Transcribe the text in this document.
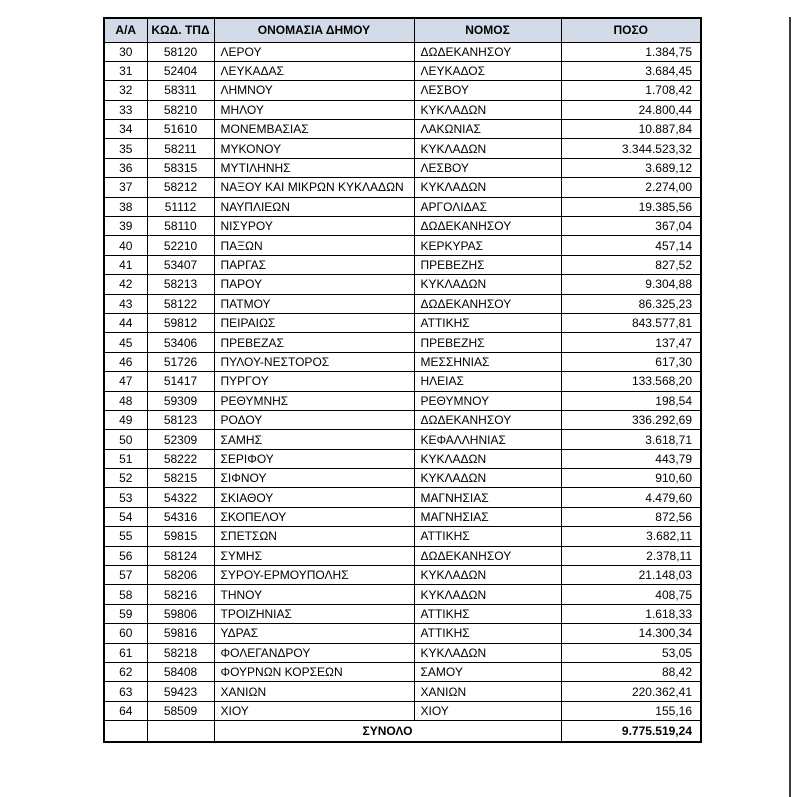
Α/Α	ΚΩΔ. ΤΠΔ	ΟΝΟΜΑΣΙΑ ΔΗΜΟΥ	ΝΟΜΟΣ	ΠΟΣΟ
30	58120	ΛΕΡΟΥ	ΔΩΔΕΚΑΝΗΣΟΥ	1.384,75
31	52404	ΛΕΥΚΑΔΑΣ	ΛΕΥΚΑΔΟΣ	3.684,45
32	58311	ΛΗΜΝΟΥ	ΛΕΣΒΟΥ	1.708,42
33	58210	ΜΗΛΟΥ	ΚΥΚΛΑΔΩΝ	24.800,44
34	51610	ΜΟΝΕΜΒΑΣΙΑΣ	ΛΑΚΩΝΙΑΣ	10.887,84
35	58211	ΜΥΚΟΝΟΥ	ΚΥΚΛΑΔΩΝ	3.344.523,32
36	58315	ΜΥΤΙΛΗΝΗΣ	ΛΕΣΒΟΥ	3.689,12
37	58212	ΝΑΞΟΥ ΚΑΙ ΜΙΚΡΩΝ ΚΥΚΛΑΔΩΝ	ΚΥΚΛΑΔΩΝ	2.274,00
38	51112	ΝΑΥΠΛΙΕΩΝ	ΑΡΓΟΛΙΔΑΣ	19.385,56
39	58110	ΝΙΣΥΡΟΥ	ΔΩΔΕΚΑΝΗΣΟΥ	367,04
40	52210	ΠΑΞΩΝ	ΚΕΡΚΥΡΑΣ	457,14
41	53407	ΠΑΡΓΑΣ	ΠΡΕΒΕΖΗΣ	827,52
42	58213	ΠΑΡΟΥ	ΚΥΚΛΑΔΩΝ	9.304,88
43	58122	ΠΑΤΜΟΥ	ΔΩΔΕΚΑΝΗΣΟΥ	86.325,23
44	59812	ΠΕΙΡΑΙΩΣ	ΑΤΤΙΚΗΣ	843.577,81
45	53406	ΠΡΕΒΕΖΑΣ	ΠΡΕΒΕΖΗΣ	137,47
46	51726	ΠΥΛΟΥ-ΝΕΣΤΟΡΟΣ	ΜΕΣΣΗΝΙΑΣ	617,30
47	51417	ΠΥΡΓΟΥ	ΗΛΕΙΑΣ	133.568,20
48	59309	ΡΕΘΥΜΝΗΣ	ΡΕΘΥΜΝΟΥ	198,54
49	58123	ΡΟΔΟΥ	ΔΩΔΕΚΑΝΗΣΟΥ	336.292,69
50	52309	ΣΑΜΗΣ	ΚΕΦΑΛΛΗΝΙΑΣ	3.618,71
51	58222	ΣΕΡΙΦΟΥ	ΚΥΚΛΑΔΩΝ	443,79
52	58215	ΣΙΦΝΟΥ	ΚΥΚΛΑΔΩΝ	910,60
53	54322	ΣΚΙΑΘΟΥ	ΜΑΓΝΗΣΙΑΣ	4.479,60
54	54316	ΣΚΟΠΕΛΟΥ	ΜΑΓΝΗΣΙΑΣ	872,56
55	59815	ΣΠΕΤΣΩΝ	ΑΤΤΙΚΗΣ	3.682,11
56	58124	ΣΥΜΗΣ	ΔΩΔΕΚΑΝΗΣΟΥ	2.378,11
57	58206	ΣΥΡΟΥ-ΕΡΜΟΥΠΟΛΗΣ	ΚΥΚΛΑΔΩΝ	21.148,03
58	58216	ΤΗΝΟΥ	ΚΥΚΛΑΔΩΝ	408,75
59	59806	ΤΡΟΙΖΗΝΙΑΣ	ΑΤΤΙΚΗΣ	1.618,33
60	59816	ΥΔΡΑΣ	ΑΤΤΙΚΗΣ	14.300,34
61	58218	ΦΟΛΕΓΑΝΔΡΟΥ	ΚΥΚΛΑΔΩΝ	53,05
62	58408	ΦΟΥΡΝΩΝ ΚΟΡΣΕΩΝ	ΣΑΜΟΥ	88,42
63	59423	ΧΑΝΙΩΝ	ΧΑΝΙΩΝ	220.362,41
64	58509	ΧΙΟΥ	ΧΙΟΥ	155,16
		ΣΥΝΟΛΟ		9.775.519,24
